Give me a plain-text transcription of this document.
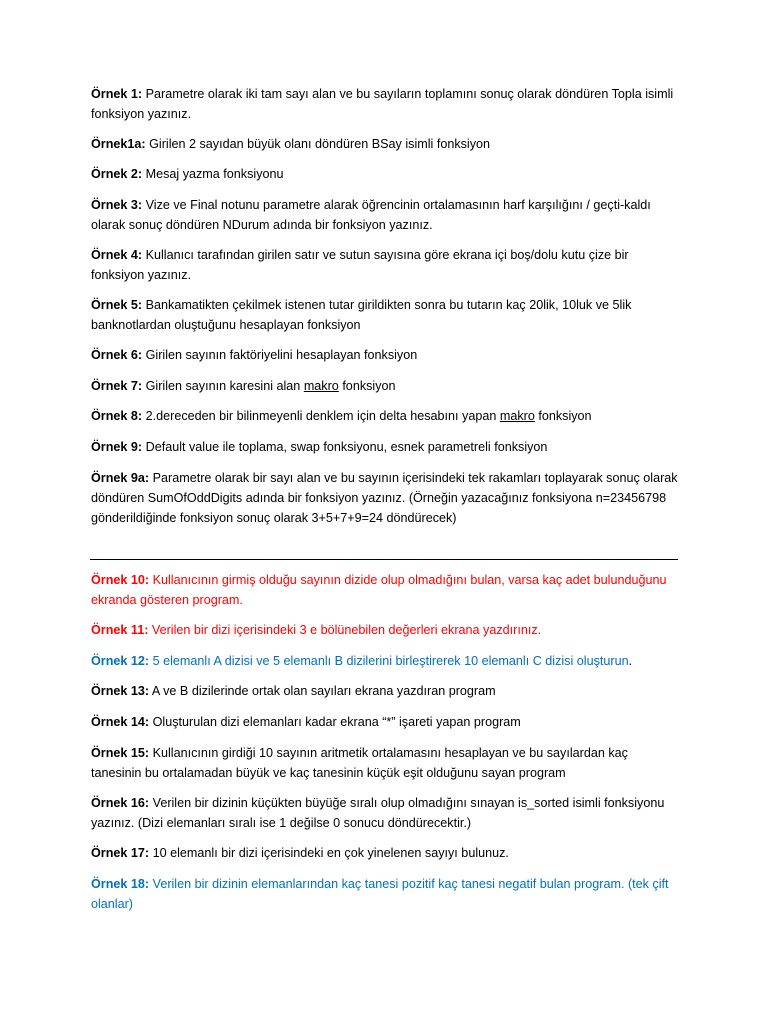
Örnek 1: Parametre olarak iki tam sayı alan ve bu sayıların toplamını sonuç olarak döndüren Topla isimli fonksiyon yazınız.

Örnek1a: Girilen 2 sayıdan büyük olanı döndüren BSay isimli fonksiyon

Örnek 2: Mesaj yazma fonksiyonu

Örnek 3: Vize ve Final notunu parametre alarak öğrencinin ortalamasının harf karşılığını / geçti-kaldı olarak sonuç döndüren NDurum adında bir fonksiyon yazınız.

Örnek 4: Kullanıcı tarafından girilen satır ve sutun sayısına göre ekrana içi boş/dolu kutu çize bir fonksiyon yazınız.

Örnek 5: Bankamatikten çekilmek istenen tutar girildikten sonra bu tutarın kaç 20lik, 10luk ve 5lik banknotlardan oluştuğunu hesaplayan fonksiyon

Örnek 6: Girilen sayının faktöriyelini hesaplayan fonksiyon

Örnek 7: Girilen sayının karesini alan makro fonksiyon

Örnek 8: 2.dereceden bir bilinmeyenli denklem için delta hesabını yapan makro fonksiyon

Örnek 9: Default value ile toplama, swap fonksiyonu, esnek parametreli fonksiyon

Örnek 9a: Parametre olarak bir sayı alan ve bu sayının içerisindeki tek rakamları toplayarak sonuç olarak döndüren SumOfOddDigits adında bir fonksiyon yazınız. (Örneğin yazacağınız fonksiyona n=23456798 gönderildiğinde fonksiyon sonuç olarak 3+5+7+9=24 döndürecek)

Örnek 10: Kullanıcının girmiş olduğu sayının dizide olup olmadığını bulan, varsa kaç adet bulunduğunu ekranda gösteren program.

Örnek 11: Verilen bir dizi içerisindeki 3 e bölünebilen değerleri ekrana yazdırınız.

Örnek 12: 5 elemanlı A dizisi ve 5 elemanlı B dizilerini birleştirerek 10 elemanlı C dizisi oluşturun.

Örnek 13: A ve B dizilerinde ortak olan sayıları ekrana yazdıran program

Örnek 14: Oluşturulan dizi elemanları kadar ekrana “*” işareti yapan program

Örnek 15: Kullanıcının girdiği 10 sayının aritmetik ortalamasını hesaplayan ve bu sayılardan kaç tanesinin bu ortalamadan büyük ve kaç tanesinin küçük eşit olduğunu sayan program

Örnek 16: Verilen bir dizinin küçükten büyüğe sıralı olup olmadığını sınayan is_sorted isimli fonksiyonu yazınız. (Dizi elemanları sıralı ise 1 değilse 0 sonucu döndürecektir.)

Örnek 17: 10 elemanlı bir dizi içerisindeki en çok yinelenen sayıyı bulunuz.

Örnek 18: Verilen bir dizinin elemanlarından kaç tanesi pozitif kaç tanesi negatif bulan program. (tek çift olanlar)
